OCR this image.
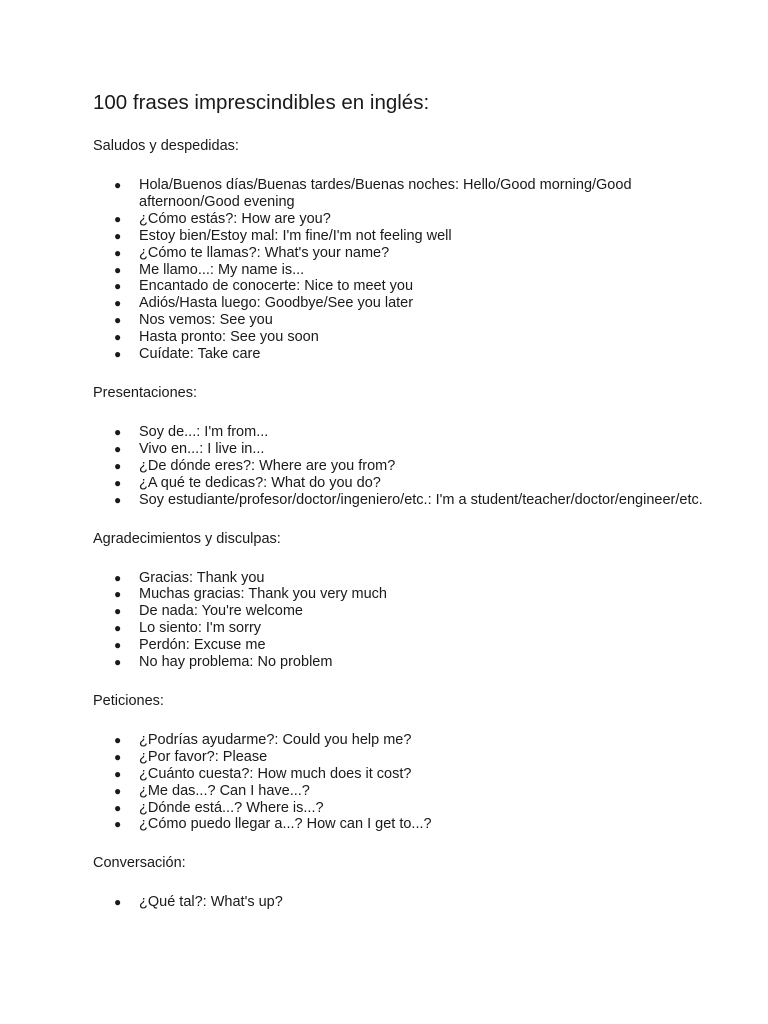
100 frases imprescindibles en inglés:
Saludos y despedidas:
● Hola/Buenos días/Buenas tardes/Buenas noches: Hello/Good morning/Good afternoon/Good evening
● ¿Cómo estás?: How are you?
● Estoy bien/Estoy mal: I'm fine/I'm not feeling well
● ¿Cómo te llamas?: What's your name?
● Me llamo...: My name is...
● Encantado de conocerte: Nice to meet you
● Adiós/Hasta luego: Goodbye/See you later
● Nos vemos: See you
● Hasta pronto: See you soon
● Cuídate: Take care
Presentaciones:
● Soy de...: I'm from...
● Vivo en...: I live in...
● ¿De dónde eres?: Where are you from?
● ¿A qué te dedicas?: What do you do?
● Soy estudiante/profesor/doctor/ingeniero/etc.: I'm a student/teacher/doctor/engineer/etc.
Agradecimientos y disculpas:
● Gracias: Thank you
● Muchas gracias: Thank you very much
● De nada: You're welcome
● Lo siento: I'm sorry
● Perdón: Excuse me
● No hay problema: No problem
Peticiones:
● ¿Podrías ayudarme?: Could you help me?
● ¿Por favor?: Please
● ¿Cuánto cuesta?: How much does it cost?
● ¿Me das...? Can I have...?
● ¿Dónde está...? Where is...?
● ¿Cómo puedo llegar a...? How can I get to...?
Conversación:
● ¿Qué tal?: What's up?
